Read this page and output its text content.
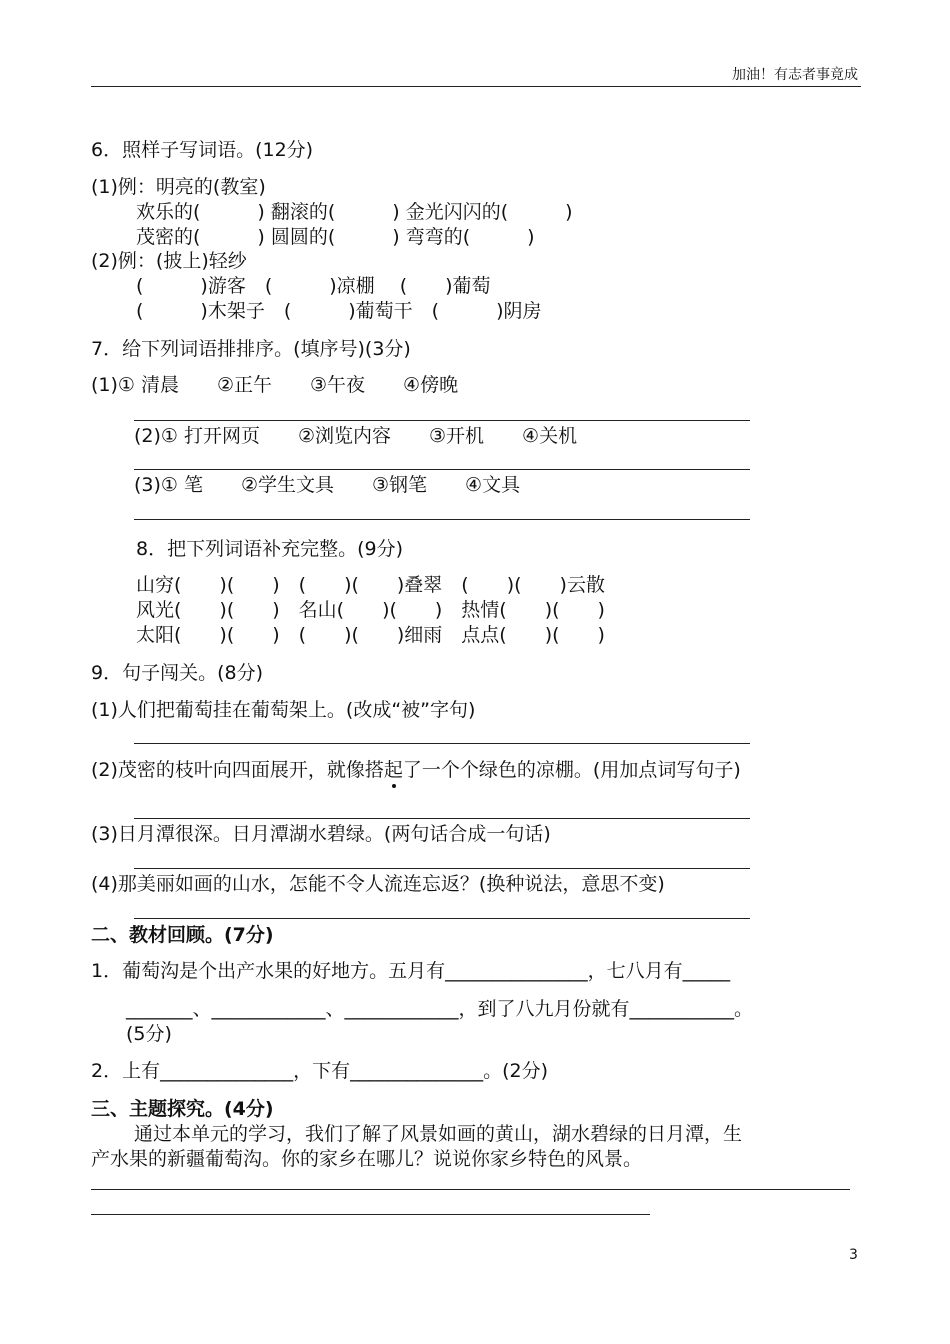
加油！有志者事竟成
6．照样子写词语。(12分)
(1)例：明亮的(教室)
欢乐的(　　　) 翻滚的(　　　) 金光闪闪的(　　　)
茂密的(　　　) 圆圆的(　　　) 弯弯的(　　　)
(2)例：(披上)轻纱
(　　　)游客　(　　　)凉棚　 (　　)葡萄
(　　　)木架子　(　　　)葡萄干　(　　　)阴房
7．给下列词语排排序。(填序号)(3分)
(1)① 清晨　　②正午　　③午夜　　④傍晚
(2)① 打开网页　　②浏览内容　　③开机　　④关机
(3)① 笔　　②学生文具　　③钢笔　　④文具
8．把下列词语补充完整。(9分)
山穷(　　)(　　)　(　　)(　　)叠翠　(　　)(　　)云散
风光(　　)(　　)　名山(　　)(　　)　热情(　　)(　　)
太阳(　　)(　　)　(　　)(　　)细雨　点点(　　)(　　)
9．句子闯关。(8分)
(1)人们把葡萄挂在葡萄架上。(改成“被”字句)
(2)茂密的枝叶向四面展开，就像搭起了一个个绿色的凉棚。(用加点词写句子)
(3)日月潭很深。日月潭湖水碧绿。(两句话合成一句话)
(4)那美丽如画的山水，怎能不令人流连忘返？(换种说法，意思不变)
二、教材回顾。(7分)
1．葡萄沟是个出产水果的好地方。五月有_______________，七八月有_____
_______、____________、____________，到了八九月份就有___________。
(5分)
2．上有______________，下有______________。(2分)
三、主题探究。(4分)
通过本单元的学习，我们了解了风景如画的黄山，湖水碧绿的日月潭，生
产水果的新疆葡萄沟。你的家乡在哪儿？说说你家乡特色的风景。
3
